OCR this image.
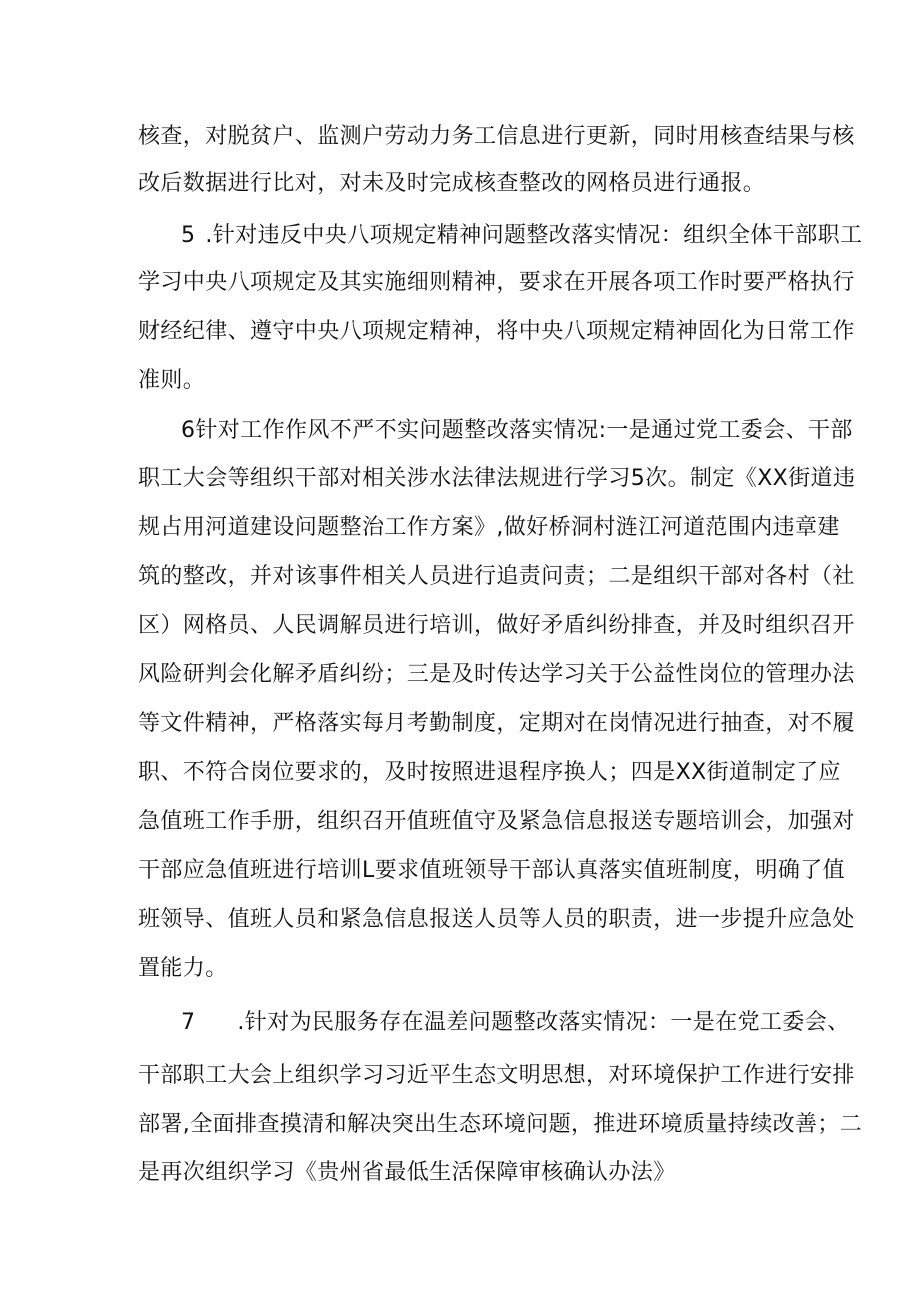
核查，对脱贫户、监测户劳动力务工信息进行更新，同时用核查结果与核

改后数据进行比对，对未及时完成核查整改的网格员进行通报。

5 .针对违反中央八项规定精神问题整改落实情况：组织全体干部职工

学习中央八项规定及其实施细则精神，要求在开展各项工作时要严格执行

财经纪律、遵守中央八项规定精神，将中央八项规定精神固化为日常工作

准则。

6针对工作作风不严不实问题整改落实情况:一是通过党工委会、干部

职工大会等组织干部对相关涉水法律法规进行学习5次。制定《XX街道违

规占用河道建设问题整治工作方案》,做好桥洞村涟江河道范围内违章建

筑的整改，并对该事件相关人员进行追责问责；二是组织干部对各村（社

区）网格员、人民调解员进行培训，做好矛盾纠纷排查，并及时组织召开

风险研判会化解矛盾纠纷；三是及时传达学习关于公益性岗位的管理办法

等文件精神，严格落实每月考勤制度，定期对在岗情况进行抽查，对不履

职、不符合岗位要求的，及时按照进退程序换人；四是XX街道制定了应

急值班工作手册，组织召开值班值守及紧急信息报送专题培训会，加强对

干部应急值班进行培训L要求值班领导干部认真落实值班制度，明确了值

班领导、值班人员和紧急信息报送人员等人员的职责，进一步提升应急处

置能力。

7 .针对为民服务存在温差问题整改落实情况：一是在党工委会、

干部职工大会上组织学习习近平生态文明思想，对环境保护工作进行安排

部署,全面排查摸清和解决突出生态环境问题，推进环境质量持续改善；二

是再次组织学习《贵州省最低生活保障审核确认办法》
